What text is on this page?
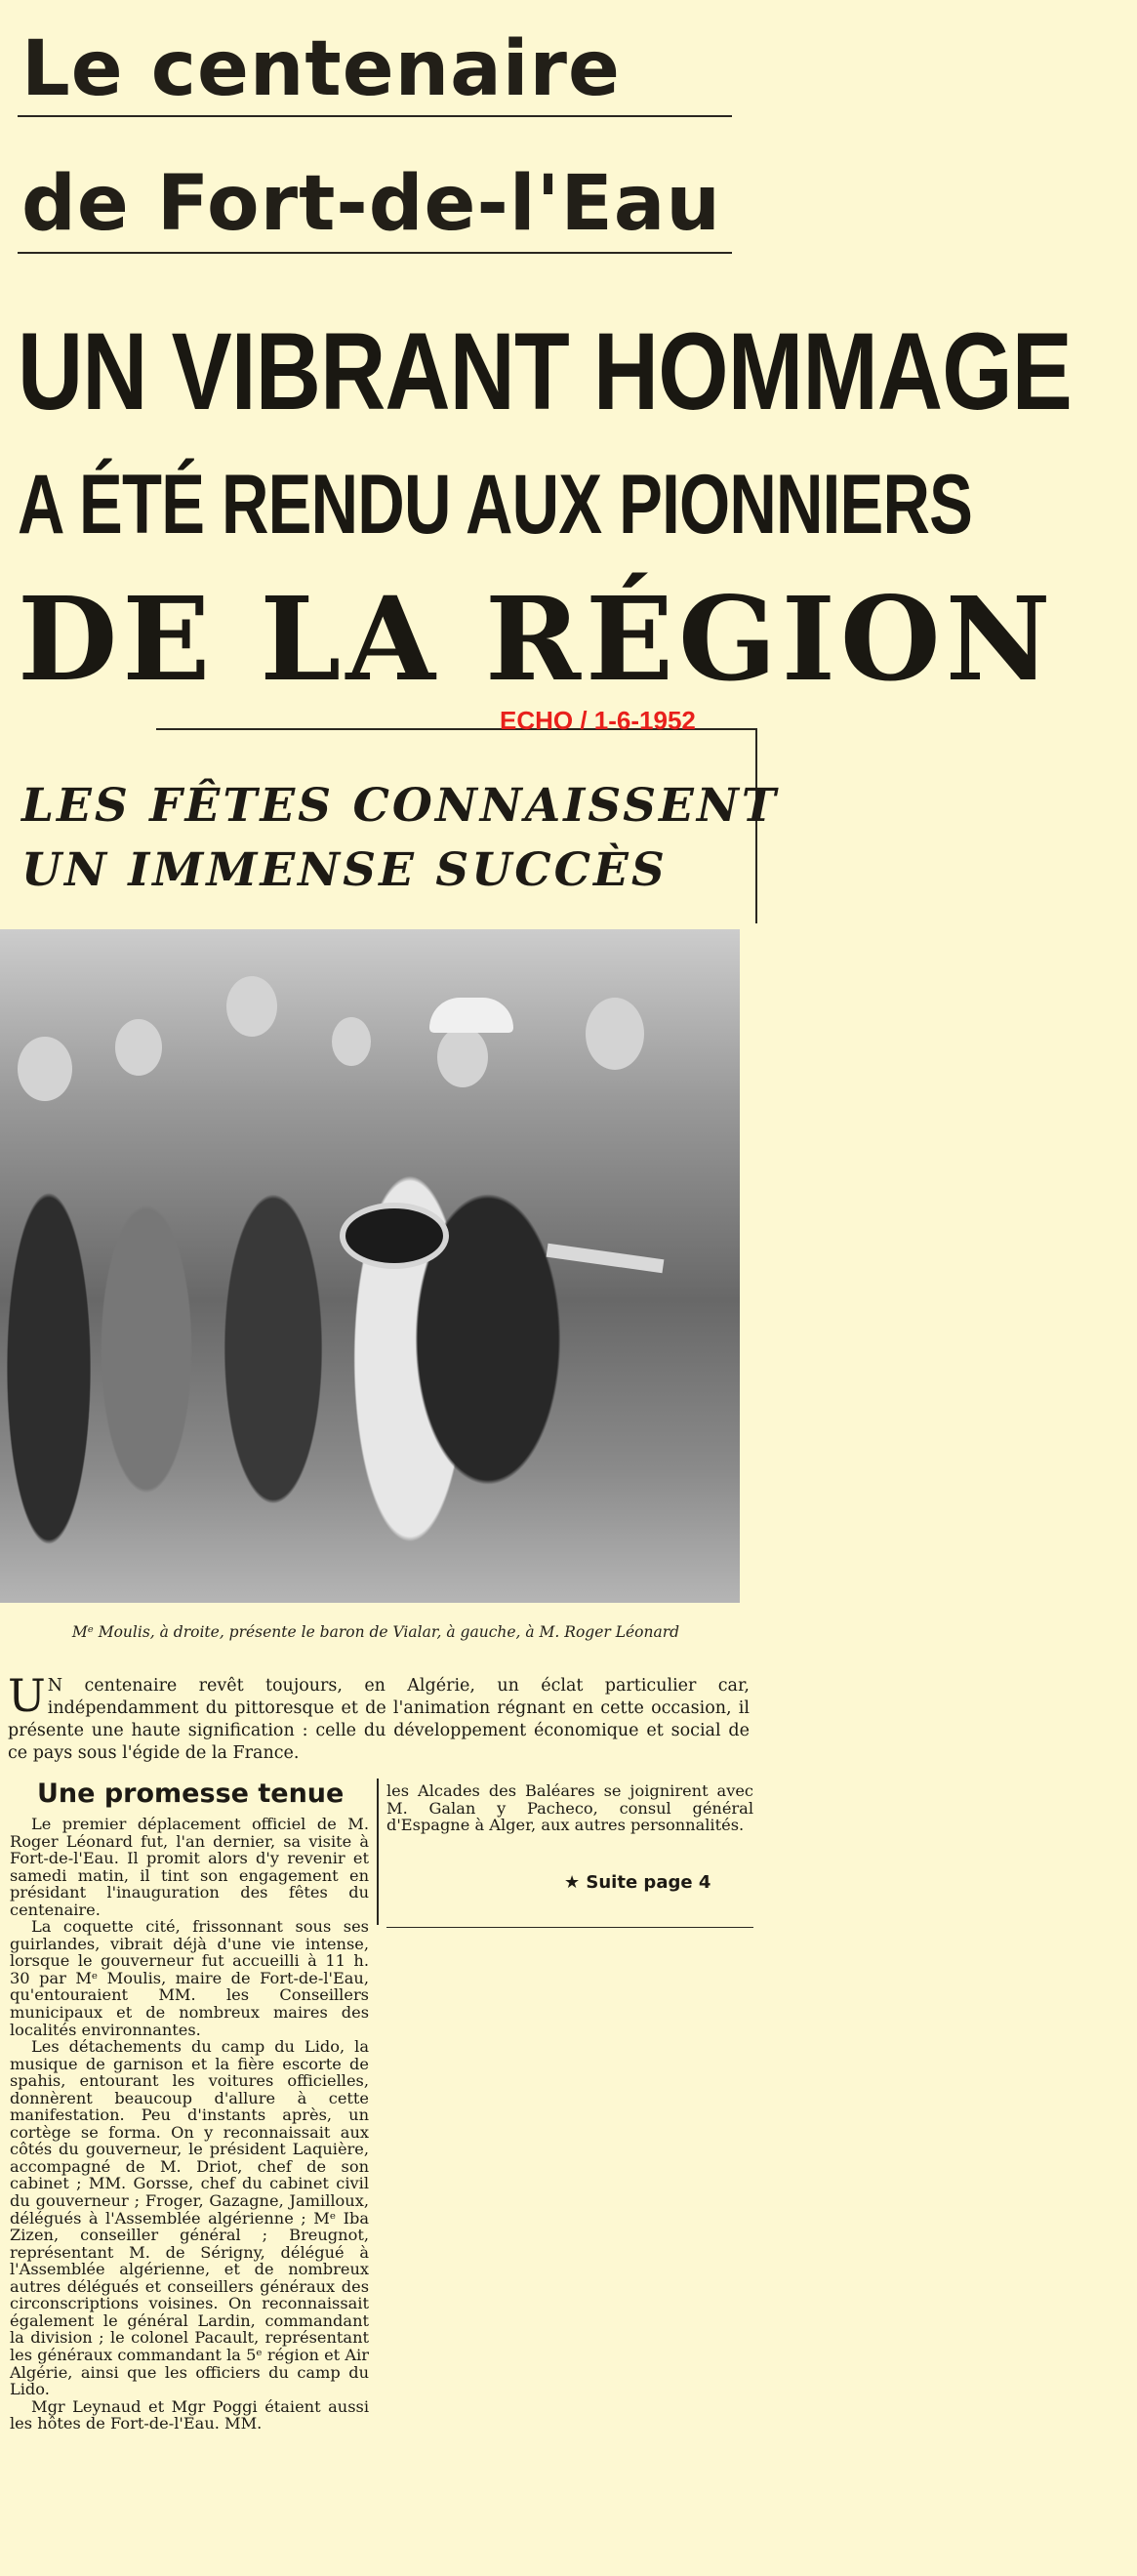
Le centenaire
de Fort-de-l'Eau
UN VIBRANT HOMMAGE
A ÉTÉ RENDU AUX PIONNIERS
DE LA RÉGION
ECHO / 1-6-1952
LES FÊTES CONNAISSENT
UN IMMENSE SUCCÈS
Mᵉ Moulis, à droite, présente le baron de Vialar, à gauche, à M. Roger Léonard
U N centenaire revêt toujours, en Algérie, un éclat particulier car, indépendamment du pittoresque et de l'animation régnant en cette occasion, il présente une haute signification : celle du développement économique et social de ce pays sous l'égide de la France.
Une promesse tenue

Le premier déplacement officiel de M. Roger Léonard fut, l'an dernier, sa visite à Fort-de-l'Eau. Il promit alors d'y revenir et samedi matin, il tint son engagement en présidant l'inauguration des fêtes du centenaire.

La coquette cité, frissonnant sous ses guirlandes, vibrait déjà d'une vie intense, lorsque le gouverneur fut accueilli à 11 h. 30 par Mᵉ Moulis, maire de Fort-de-l'Eau, qu'entouraient MM. les Conseillers municipaux et de nombreux maires des localités environnantes.

Les détachements du camp du Lido, la musique de garnison et la fière escorte de spahis, entourant les voitures officielles, donnèrent beaucoup d'allure à cette manifestation. Peu d'instants après, un cortège se forma. On y reconnaissait aux côtés du gouverneur, le président Laquière, accompagné de M. Driot, chef de son cabinet ; MM. Gorsse, chef du cabinet civil du gouverneur ; Froger, Gazagne, Jamilloux, délégués à l'Assemblée algérienne ; Mᵉ Iba Zizen, conseiller général ; Breugnot, représentant M. de Sérigny, délégué à l'Assemblée algérienne, et de nombreux autres délégués et conseillers généraux des circonscriptions voisines. On reconnaissait également le général Lardin, commandant la division ; le colonel Pacault, représentant les généraux commandant la 5ᵉ région et Air Algérie, ainsi que les officiers du camp du Lido.

Mgr Leynaud et Mgr Poggi étaient aussi les hôtes de Fort-de-l'Eau. MM.

les Alcades des Baléares se joignirent avec M. Galan y Pacheco, consul général d'Espagne à Alger, aux autres personnalités.

★ Suite page 4
